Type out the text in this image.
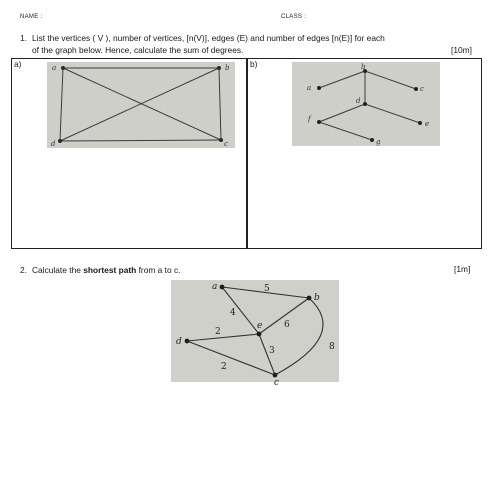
NAME :	CLASS :
1. List the vertices ( V ), number of vertices, [n(V)], edges (E) and number of edges [n(E)] for each
of the graph below. Hence, calculate the sum of degrees.	[10m]
a)	b)
a	b
c
d
a
b
c
d
e
f
g
2. Calculate the shortest path from a to c.	[1m]
a
b
c
d
e
5
4
6
2
3	8
2
